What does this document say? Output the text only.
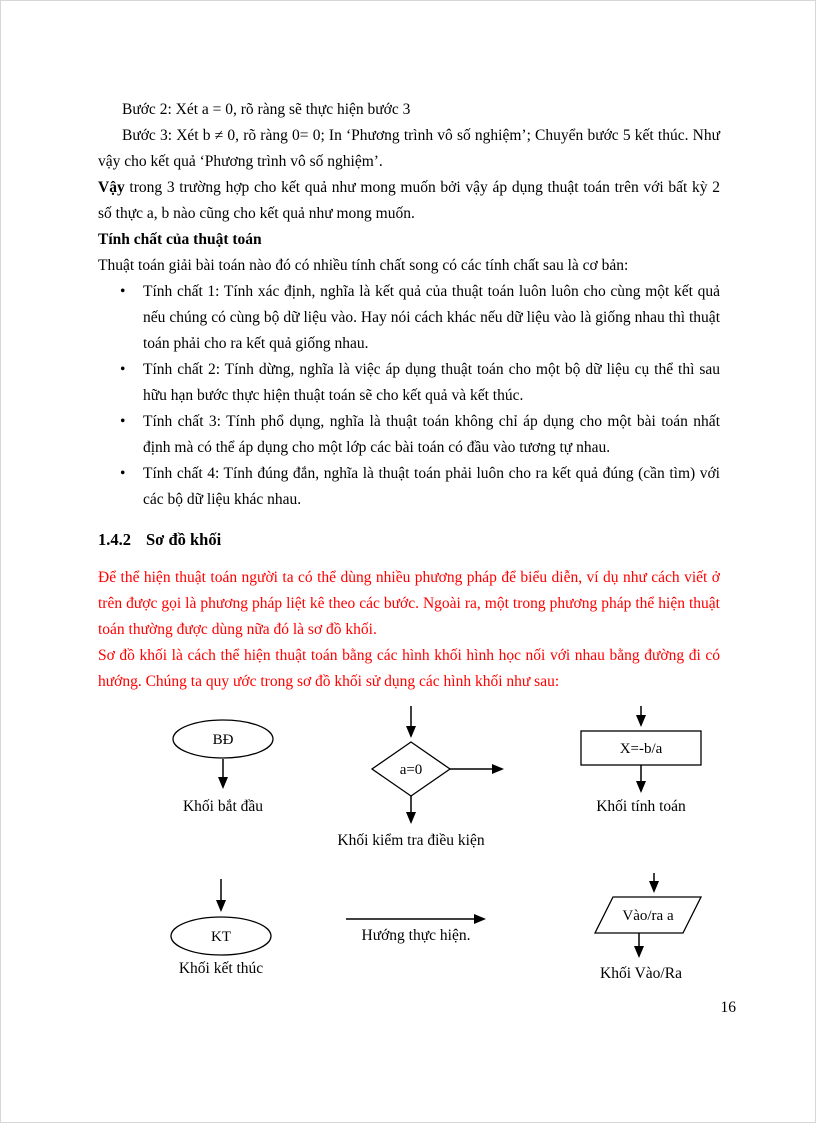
Bước 2: Xét a = 0, rõ ràng sẽ thực hiện bước 3

Bước 3: Xét b ≠ 0, rõ ràng 0= 0; In ‘Phương trình vô số nghiệm’; Chuyển bước 5 kết thúc. Như vậy cho kết quả ‘Phương trình vô số nghiệm’.

Vậy trong 3 trường hợp cho kết quả như mong muốn bởi vậy áp dụng thuật toán trên với bất kỳ 2 số thực a, b nào cũng cho kết quả như mong muốn.

Tính chất của thuật toán

Thuật toán giải bài toán nào đó có nhiều tính chất song có các tính chất sau là cơ bản:

• Tính chất 1: Tính xác định, nghĩa là kết quả của thuật toán luôn luôn cho cùng một kết quả nếu chúng có cùng bộ dữ liệu vào. Hay nói cách khác nếu dữ liệu vào là giống nhau thì thuật toán phải cho ra kết quả giống nhau.
• Tính chất 2: Tính dừng, nghĩa là việc áp dụng thuật toán cho một bộ dữ liệu cụ thể thì sau hữu hạn bước thực hiện thuật toán sẽ cho kết quả và kết thúc.
• Tính chất 3: Tính phổ dụng, nghĩa là thuật toán không chỉ áp dụng cho một bài toán nhất định mà có thể áp dụng cho một lớp các bài toán có đầu vào tương tự nhau.
• Tính chất 4: Tính đúng đắn, nghĩa là thuật toán phải luôn cho ra kết quả đúng (cần tìm) với các bộ dữ liệu khác nhau.
1.4.2 Sơ đồ khối

Để thể hiện thuật toán người ta có thể dùng nhiều phương pháp để biểu diễn, ví dụ như cách viết ở trên được gọi là phương pháp liệt kê theo các bước. Ngoài ra, một trong phương pháp thể hiện thuật toán thường được dùng nữa đó là sơ đồ khối.

Sơ đồ khối là cách thể hiện thuật toán bằng các hình khối hình học nối với nhau bằng đường đi có hướng. Chúng ta quy ước trong sơ đồ khối sử dụng các hình khối như sau:

BĐ
Khối bắt đầu
a=0
Khối kiểm tra điều kiện
X=-b/a
Khối tính toán
KT
Khối kết thúc
Hướng thực hiện.
Vào/ra a
Khối Vào/Ra
16
